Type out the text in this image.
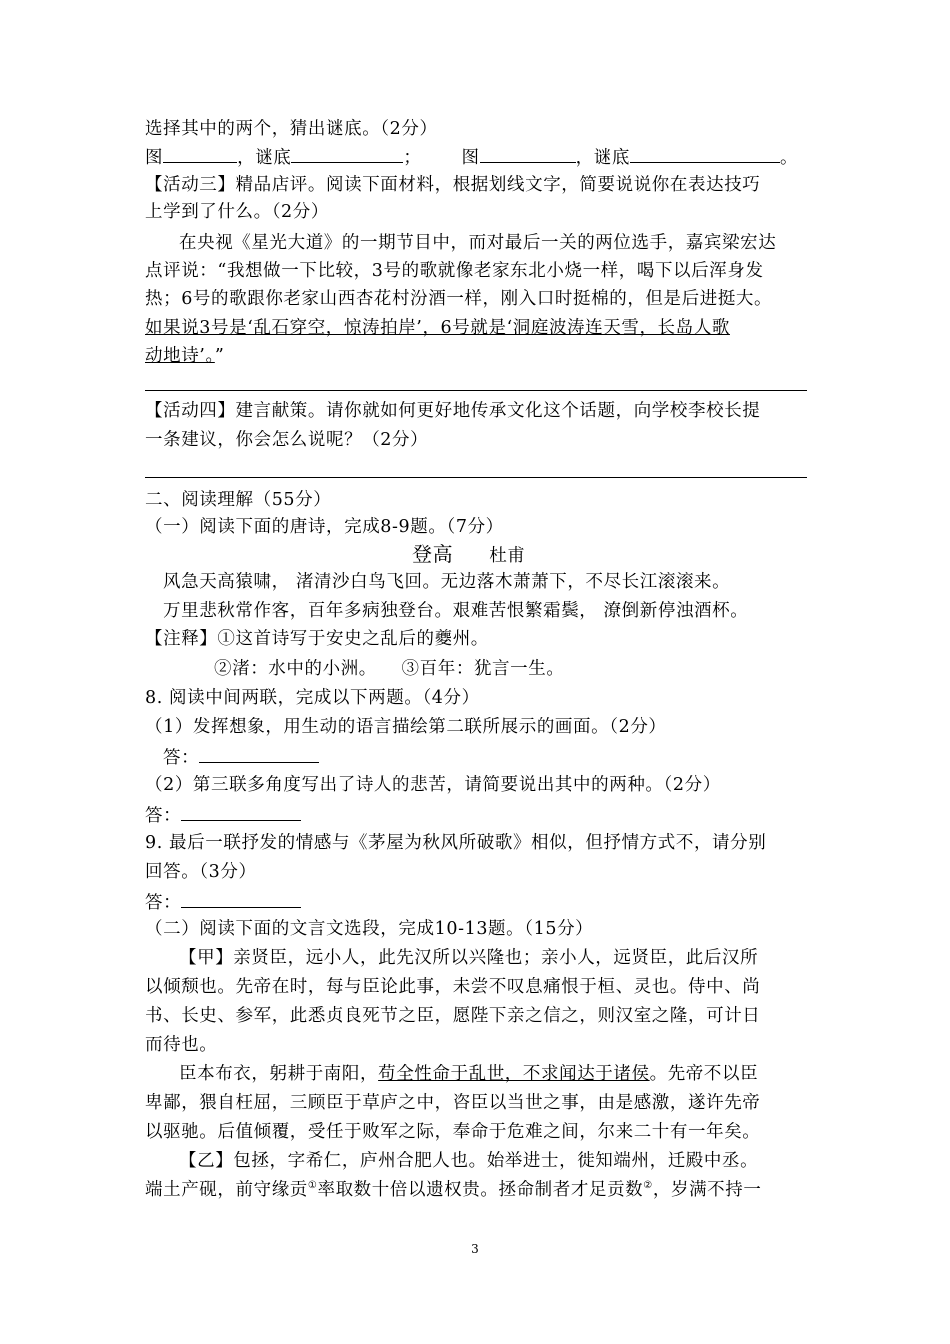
选择其中的两个，猜出谜底。（2分）
图	，谜底	； 图	，谜底	。
【活动三】精品店评。阅读下面材料，根据划线文字，简要说说你在表达技巧
上学到了什么。（2分）
在央视《星光大道》的一期节目中，而对最后一关的两位选手，嘉宾梁宏达
点评说：“我想做一下比较，3号的歌就像老家东北小烧一样，喝下以后浑身发
热；6号的歌跟你老家山西杏花村汾酒一样，刚入口时挺棉的，但是后进挺大。
如果说3号是‘乱石穿空，惊涛拍岸’，6号就是‘洞庭波涛连天雪，长岛人歌
动地诗’。”
【活动四】建言献策。请你就如何更好地传承文化这个话题，向学校李校长提
一条建议，你会怎么说呢？（2分）
二、阅读理解（55分）
（一）阅读下面的唐诗，完成8-9题。（7分）
登高 杜甫
风急天高猿啸， 渚清沙白鸟飞回。无边落木萧萧下，不尽长江滚滚来。
万里悲秋常作客，百年多病独登台。艰难苦恨繁霜鬓， 潦倒新停浊酒杯。
【注释】①这首诗写于安史之乱后的夔州。
②渚：水中的小洲。    ③百年：犹言一生。
8. 阅读中间两联，完成以下两题。（4分）
（1）发挥想象，用生动的语言描绘第二联所展示的画面。（2分）
答：
（2）第三联多角度写出了诗人的悲苦，请简要说出其中的两种。（2分）
答：
9. 最后一联抒发的情感与《茅屋为秋风所破歌》相似，但抒情方式不，请分别
回答。（3分）
答：
（二）阅读下面的文言文选段，完成10-13题。（15分）
【甲】亲贤臣，远小人，此先汉所以兴隆也；亲小人，远贤臣，此后汉所
以倾颓也。先帝在时，每与臣论此事，未尝不叹息痛恨于桓、灵也。侍中、尚
书、长史、参军，此悉贞良死节之臣，愿陛下亲之信之，则汉室之隆，可计日
而待也。
臣本布衣，躬耕于南阳，苟全性命于乱世，不求闻达于诸侯。先帝不以臣
卑鄙，猥自枉屈，三顾臣于草庐之中，咨臣以当世之事，由是感激，遂许先帝
以驱驰。后值倾覆，受任于败军之际，奉命于危难之间，尔来二十有一年矣。
【乙】包拯，字希仁，庐州合肥人也。始举进士，徙知端州，迁殿中丞。
端土产砚，前守缘贡①率取数十倍以遗权贵。拯命制者才足贡数②，岁满不持一
3
